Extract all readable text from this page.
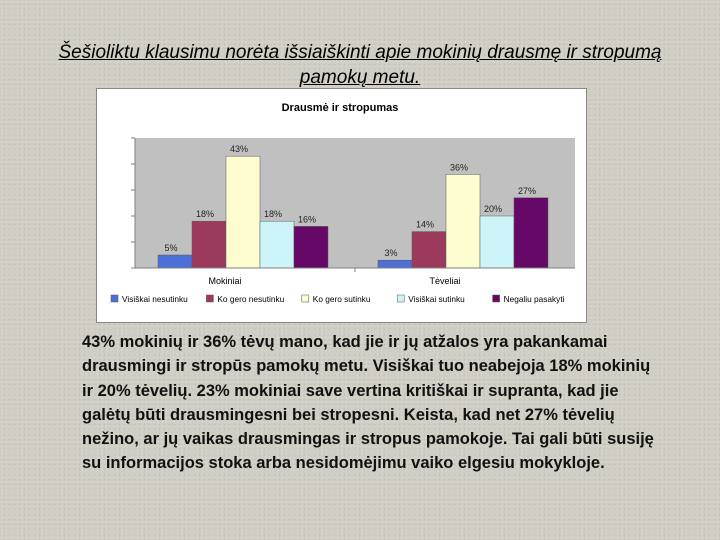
Šešioliktu klausimu norėta išsiaiškinti apie mokinių drausmę ir stropumą pamokų metu.
Drausmė ir stropumas
0%
10%
20%
30%
40%
50%
5%
18%
43%
18%
16%
3%
14%
36%
20%
27%
Mokiniai	Tėveliai
Visiškai nesutinku	Ko gero nesutinku	Ko gero sutinku	Visiškai sutinku	Negaliu pasakyti
43% mokinių ir 36% tėvų mano, kad jie ir jų atžalos yra pakankamai drausmingi ir stropūs pamokų metu. Visiškai tuo neabejoja 18% mokinių ir 20% tėvelių. 23% mokiniai save vertina kritiškai ir supranta, kad jie galėtų būti drausmingesni bei stropesni. Keista, kad net 27% tėvelių nežino, ar jų vaikas drausmingas ir stropus pamokoje. Tai gali būti susiję su informacijos stoka arba nesidomėjimu vaiko elgesiu mokykloje.
